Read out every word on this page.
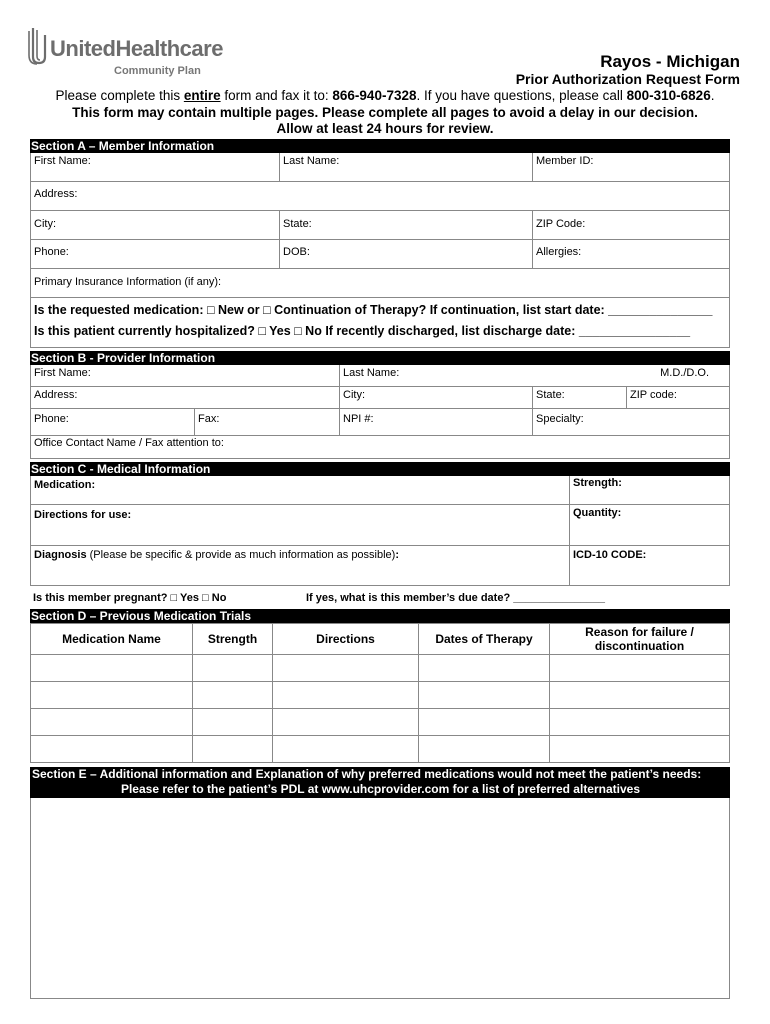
UnitedHealthcare
Community Plan	Rayos - Michigan
Prior Authorization Request Form
Please complete this entire form and fax it to: 866-940-7328. If you have questions, please call 800-310-6826.
This form may contain multiple pages. Please complete all pages to avoid a delay in our decision.
Allow at least 24 hours for review.
Section A – Member Information
First Name:	Last Name:	Member ID:
Address:
City:	State:	ZIP Code:
Phone:	DOB:	Allergies:
Primary Insurance Information (if any):
Is the requested medication: □ New or □ Continuation of Therapy? If continuation, list start date: _______________
Is this patient currently hospitalized? □ Yes □ No If recently discharged, list discharge date: ________________
Section B - Provider Information
First Name:	Last Name:	M.D./D.O.
Address:	City:	State:	ZIP code:
Phone:	Fax:	NPI #:	Specialty:
Office Contact Name / Fax attention to:
Section C - Medical Information
Medication:	Strength:
Directions for use:	Quantity:
Diagnosis (Please be specific & provide as much information as possible):	ICD-10 CODE:
Is this member pregnant? □ Yes □ No	If yes, what is this member’s due date? _______________
Section D – Previous Medication Trials
Medication Name	Strength	Directions	Dates of Therapy	Reason for failure / discontinuation
Section E – Additional information and Explanation of why preferred medications would not meet the patient’s needs:
Please refer to the patient’s PDL at www.uhcprovider.com for a list of preferred alternatives
